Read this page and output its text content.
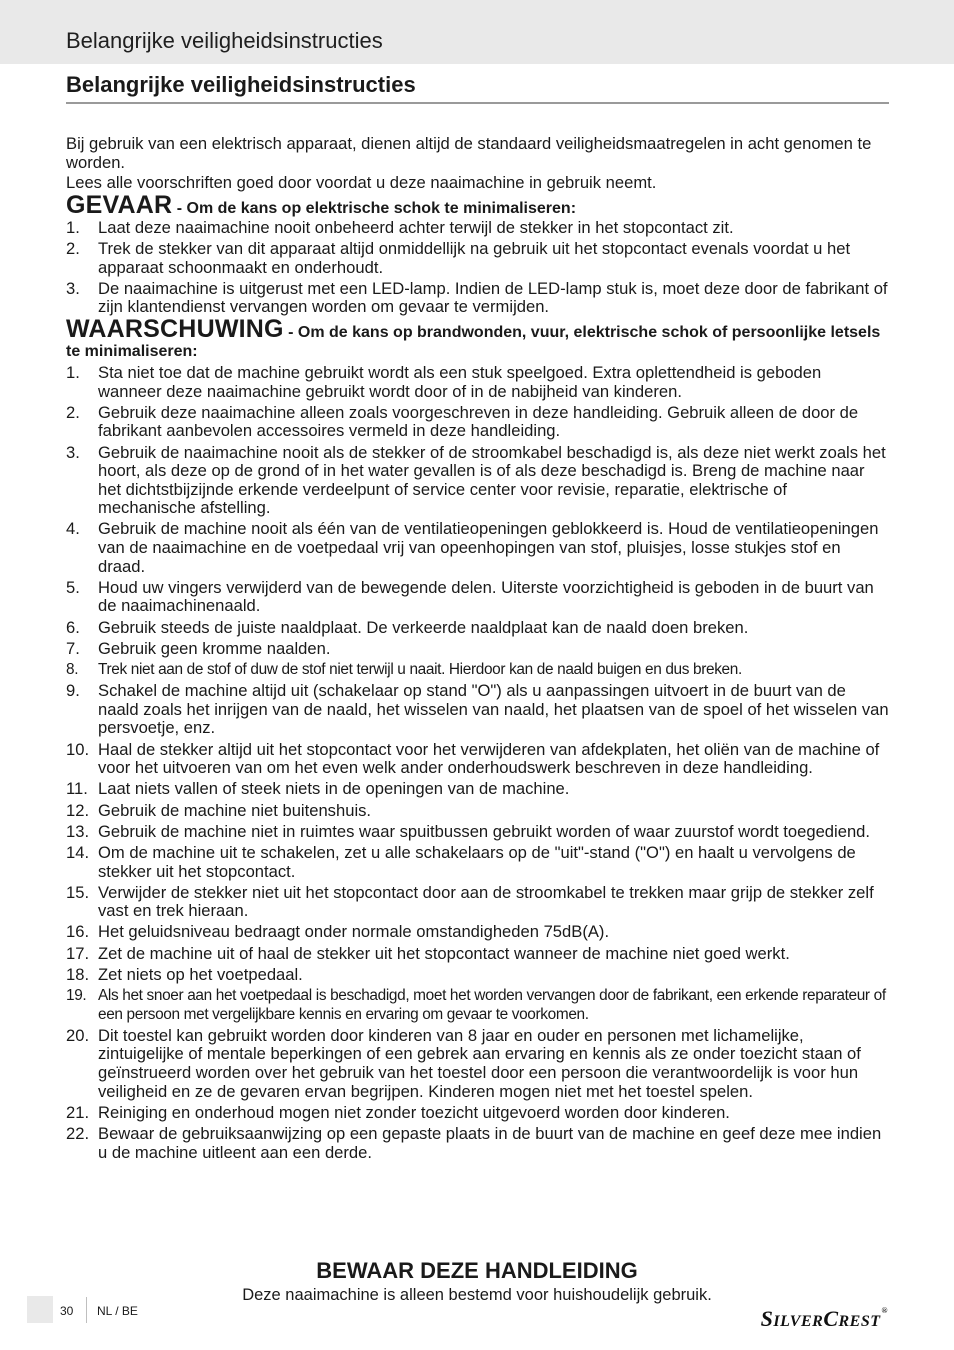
Belangrijke veiligheidsinstructies
Belangrijke veiligheidsinstructies

Bij gebruik van een elektrisch apparaat, dienen altijd de standaard veiligheidsmaatregelen in acht genomen te worden.

Lees alle voorschriften goed door voordat u deze naaimachine in gebruik neemt.

GEVAAR - Om de kans op elektrische schok te minimaliseren:
1. Laat deze naaimachine nooit onbeheerd achter terwijl de stekker in het stopcontact zit.
2. Trek de stekker van dit apparaat altijd onmiddellijk na gebruik uit het stopcontact evenals voordat u het apparaat schoonmaakt en onderhoudt.
3. De naaimachine is uitgerust met een LED-lamp. Indien de LED-lamp stuk is, moet deze door de fabrikant of zijn klantendienst vervangen worden om gevaar te vermijden.
WAARSCHUWING - Om de kans op brandwonden, vuur, elektrische schok of persoonlijke letsels te minimaliseren:
1. Sta niet toe dat de machine gebruikt wordt als een stuk speelgoed. Extra oplettendheid is geboden wanneer deze naaimachine gebruikt wordt door of in de nabijheid van kinderen.
2. Gebruik deze naaimachine alleen zoals voorgeschreven in deze handleiding. Gebruik alleen de door de fabrikant aanbevolen accessoires vermeld in deze handleiding.
3. Gebruik de naaimachine nooit als de stekker of de stroomkabel beschadigd is, als deze niet werkt zoals het hoort, als deze op de grond of in het water gevallen is of als deze beschadigd is. Breng de machine naar het dichtstbijzijnde erkende verdeelpunt of service center voor revisie, reparatie, elektrische of mechanische afstelling.
4. Gebruik de machine nooit als één van de ventilatieopeningen geblokkeerd is. Houd de ventilatieopeningen van de naaimachine en de voetpedaal vrij van opeenhopingen van stof, pluisjes, losse stukjes stof en draad.
5. Houd uw vingers verwijderd van de bewegende delen. Uiterste voorzichtigheid is geboden in de buurt van de naaimachinenaald.
6. Gebruik steeds de juiste naaldplaat. De verkeerde naaldplaat kan de naald doen breken.
7. Gebruik geen kromme naalden.
8. Trek niet aan de stof of duw de stof niet terwijl u naait. Hierdoor kan de naald buigen en dus breken.
9. Schakel de machine altijd uit (schakelaar op stand "O") als u aanpassingen uitvoert in de buurt van de naald zoals het inrijgen van de naald, het wisselen van naald, het plaatsen van de spoel of het wisselen van persvoetje, enz.
10. Haal de stekker altijd uit het stopcontact voor het verwijderen van afdekplaten, het oliën van de machine of voor het uitvoeren van om het even welk ander onderhoudswerk beschreven in deze handleiding.
11. Laat niets vallen of steek niets in de openingen van de machine.
12. Gebruik de machine niet buitenshuis.
13. Gebruik de machine niet in ruimtes waar spuitbussen gebruikt worden of waar zuurstof wordt toegediend.
14. Om de machine uit te schakelen, zet u alle schakelaars op de "uit"-stand ("O") en haalt u vervolgens de stekker uit het stopcontact.
15. Verwijder de stekker niet uit het stopcontact door aan de stroomkabel te trekken maar grijp de stekker zelf vast en trek hieraan.
16. Het geluidsniveau bedraagt onder normale omstandigheden 75dB(A).
17. Zet de machine uit of haal de stekker uit het stopcontact wanneer de machine niet goed werkt.
18. Zet niets op het voetpedaal.
19. Als het snoer aan het voetpedaal is beschadigd, moet het worden vervangen door de fabrikant, een erkende reparateur of een persoon met vergelijkbare kennis en ervaring om gevaar te voorkomen.
20. Dit toestel kan gebruikt worden door kinderen van 8 jaar en ouder en personen met lichamelijke, zintuigelijke of mentale beperkingen of een gebrek aan ervaring en kennis als ze onder toezicht staan of geïnstrueerd worden over het gebruik van het toestel door een persoon die verantwoordelijk is voor hun veiligheid en ze de gevaren ervan begrijpen. Kinderen mogen niet met het toestel spelen.
21. Reiniging en onderhoud mogen niet zonder toezicht uitgevoerd worden door kinderen.
22. Bewaar de gebruiksaanwijzing op een gepaste plaats in de buurt van de machine en geef deze mee indien u de machine uitleent aan een derde.
BEWAAR DEZE HANDLEIDING
Deze naaimachine is alleen bestemd voor huishoudelijk gebruik.
30 NL / BE	SILVERCREST®
